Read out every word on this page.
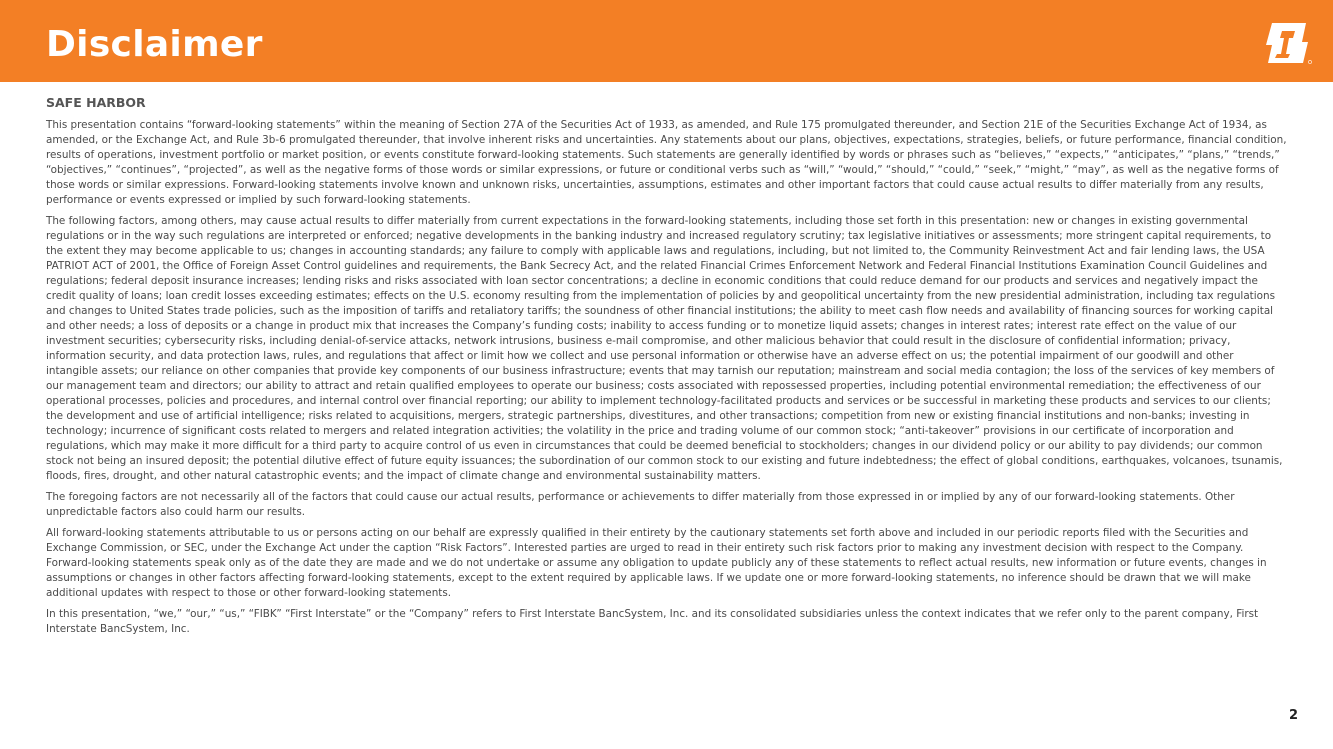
Disclaimer
SAFE HARBOR

This presentation contains “forward-looking statements” within the meaning of Section 27A of the Securities Act of 1933, as amended, and Rule 175 promulgated thereunder, and Section 21E of the Securities Exchange Act of 1934, as amended, or the Exchange Act, and Rule 3b-6 promulgated thereunder, that involve inherent risks and uncertainties. Any statements about our plans, objectives, expectations, strategies, beliefs, or future performance, financial condition, results of operations, investment portfolio or market position, or events constitute forward-looking statements. Such statements are generally identified by words or phrases such as “believes,” “expects,” “anticipates,” “plans,” “trends,” “objectives,” “continues”, “projected”, as well as the negative forms of those words or similar expressions, or future or conditional verbs such as “will,” “would,” “should,” “could,” “seek,” “might,” “may”, as well as the negative forms of those words or similar expressions. Forward-looking statements involve known and unknown risks, uncertainties, assumptions, estimates and other important factors that could cause actual results to differ materially from any results, performance or events expressed or implied by such forward-looking statements.

The following factors, among others, may cause actual results to differ materially from current expectations in the forward-looking statements, including those set forth in this presentation: new or changes in existing governmental regulations or in the way such regulations are interpreted or enforced; negative developments in the banking industry and increased regulatory scrutiny; tax legislative initiatives or assessments; more stringent capital requirements, to the extent they may become applicable to us; changes in accounting standards; any failure to comply with applicable laws and regulations, including, but not limited to, the Community Reinvestment Act and fair lending laws, the USA PATRIOT ACT of 2001, the Office of Foreign Asset Control guidelines and requirements, the Bank Secrecy Act, and the related Financial Crimes Enforcement Network and Federal Financial Institutions Examination Council Guidelines and regulations; federal deposit insurance increases; lending risks and risks associated with loan sector concentrations; a decline in economic conditions that could reduce demand for our products and services and negatively impact the credit quality of loans; loan credit losses exceeding estimates; effects on the U.S. economy resulting from the implementation of policies by and geopolitical uncertainty from the new presidential administration, including tax regulations and changes to United States trade policies, such as the imposition of tariffs and retaliatory tariffs; the soundness of other financial institutions; the ability to meet cash flow needs and availability of financing sources for working capital and other needs; a loss of deposits or a change in product mix that increases the Company’s funding costs; inability to access funding or to monetize liquid assets; changes in interest rates; interest rate effect on the value of our investment securities; cybersecurity risks, including denial-of-service attacks, network intrusions, business e-mail compromise, and other malicious behavior that could result in the disclosure of confidential information; privacy, information security, and data protection laws, rules, and regulations that affect or limit how we collect and use personal information or otherwise have an adverse effect on us; the potential impairment of our goodwill and other intangible assets; our reliance on other companies that provide key components of our business infrastructure; events that may tarnish our reputation; mainstream and social media contagion; the loss of the services of key members of our management team and directors; our ability to attract and retain qualified employees to operate our business; costs associated with repossessed properties, including potential environmental remediation; the effectiveness of our operational processes, policies and procedures, and internal control over financial reporting; our ability to implement technology-facilitated products and services or be successful in marketing these products and services to our clients; the development and use of artificial intelligence; risks related to acquisitions, mergers, strategic partnerships, divestitures, and other transactions; competition from new or existing financial institutions and non-banks; investing in technology; incurrence of significant costs related to mergers and related integration activities; the volatility in the price and trading volume of our common stock; “anti-takeover” provisions in our certificate of incorporation and regulations, which may make it more difficult for a third party to acquire control of us even in circumstances that could be deemed beneficial to stockholders; changes in our dividend policy or our ability to pay dividends; our common stock not being an insured deposit; the potential dilutive effect of future equity issuances; the subordination of our common stock to our existing and future indebtedness; the effect of global conditions, earthquakes, volcanoes, tsunamis, floods, fires, drought, and other natural catastrophic events; and the impact of climate change and environmental sustainability matters.

The foregoing factors are not necessarily all of the factors that could cause our actual results, performance or achievements to differ materially from those expressed in or implied by any of our forward-looking statements. Other unpredictable factors also could harm our results.

All forward-looking statements attributable to us or persons acting on our behalf are expressly qualified in their entirety by the cautionary statements set forth above and included in our periodic reports filed with the Securities and Exchange Commission, or SEC, under the Exchange Act under the caption “Risk Factors”. Interested parties are urged to read in their entirety such risk factors prior to making any investment decision with respect to the Company. Forward-looking statements speak only as of the date they are made and we do not undertake or assume any obligation to update publicly any of these statements to reflect actual results, new information or future events, changes in assumptions or changes in other factors affecting forward-looking statements, except to the extent required by applicable laws. If we update one or more forward-looking statements, no inference should be drawn that we will make additional updates with respect to those or other forward-looking statements.

In this presentation, “we,” “our,” “us,” “FIBK” “First Interstate” or the “Company” refers to First Interstate BancSystem, Inc. and its consolidated subsidiaries unless the context indicates that we refer only to the parent company, First Interstate BancSystem, Inc.

2
